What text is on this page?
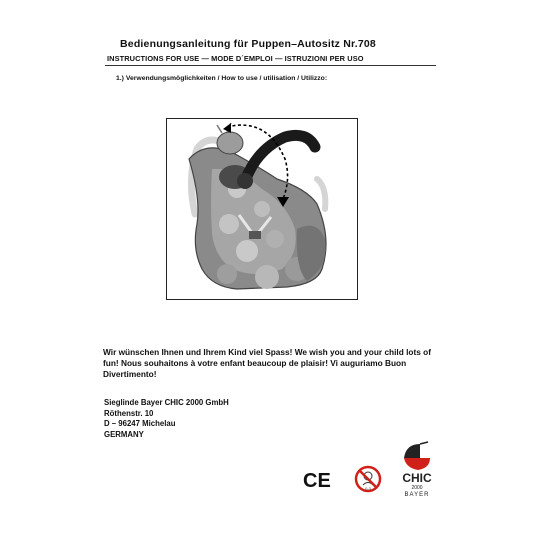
Bedienungsanleitung für Puppen–Autositz Nr.708
INSTRUCTIONS FOR USE — MODE D´EMPLOI — ISTRUZIONI PER USO
1.) Verwendungsmöglichkeiten / How to use / utilisation / Utilizzo:
Wir wünschen Ihnen und Ihrem Kind viel Spass! We wish you and your child lots of fun! Nous souhaitons à votre enfant beaucoup de plaisir! Vi auguriamo Buon Divertimento!
Sieglinde Bayer CHIC 2000 GmbH
Röthenstr. 10
D – 96247 Michelau
GERMANY
CE	0-3
CHIC
2000
BAYER
